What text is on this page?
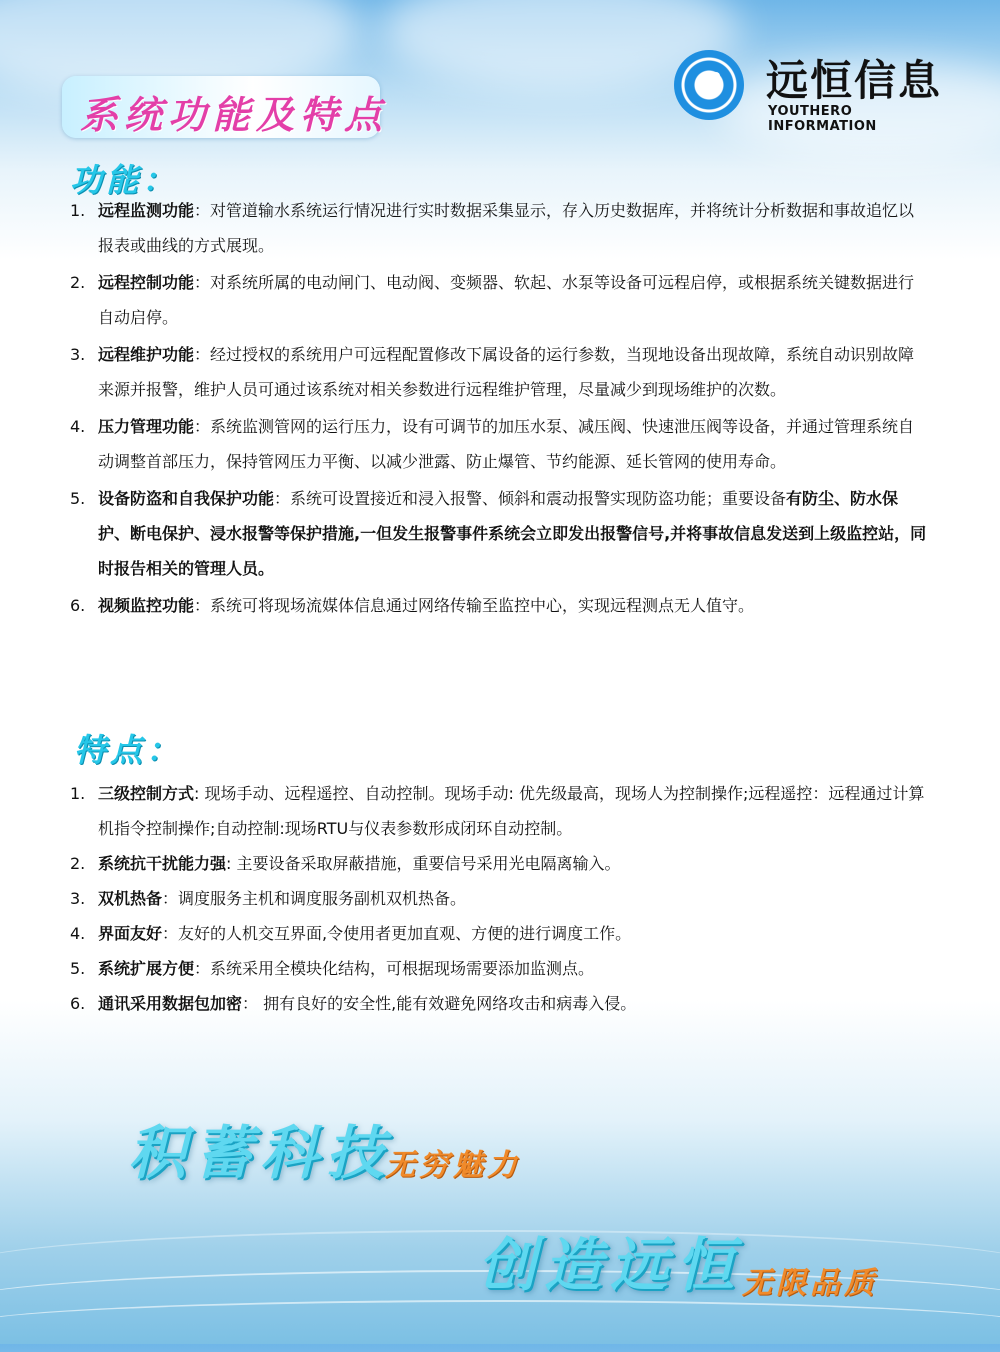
系统功能及特点
远恒信息
YOUTHERO INFORMATION
功能：
1. 远程监测功能：对管道输水系统运行情况进行实时数据采集显示，存入历史数据库，并将统计分析数据和事故追忆以报表或曲线的方式展现。
2. 远程控制功能：对系统所属的电动闸门、电动阀、变频器、软起、水泵等设备可远程启停，或根据系统关键数据进行自动启停。
3. 远程维护功能：经过授权的系统用户可远程配置修改下属设备的运行参数，当现地设备出现故障，系统自动识别故障来源并报警，维护人员可通过该系统对相关参数进行远程维护管理，尽量减少到现场维护的次数。
4. 压力管理功能：系统监测管网的运行压力，设有可调节的加压水泵、减压阀、快速泄压阀等设备，并通过管理系统自动调整首部压力，保持管网压力平衡、以减少泄露、防止爆管、节约能源、延长管网的使用寿命。
5. 设备防盗和自我保护功能：系统可设置接近和浸入报警、倾斜和震动报警实现防盗功能；重要设备有防尘、防水保护、断电保护、浸水报警等保护措施,一但发生报警事件系统会立即发出报警信号,并将事故信息发送到上级监控站，同时报告相关的管理人员。
6. 视频监控功能：系统可将现场流媒体信息通过网络传输至监控中心，实现远程测点无人值守。
特点：
1. 三级控制方式: 现场手动、远程遥控、自动控制。现场手动: 优先级最高，现场人为控制操作;远程遥控：远程通过计算机指令控制操作;自动控制:现场RTU与仪表参数形成闭环自动控制。
2. 系统抗干扰能力强: 主要设备采取屏蔽措施，重要信号采用光电隔离输入。
3. 双机热备：调度服务主机和调度服务副机双机热备。
4. 界面友好：友好的人机交互界面,令使用者更加直观、方便的进行调度工作。
5. 系统扩展方便：系统采用全模块化结构，可根据现场需要添加监测点。
6. 通讯采用数据包加密： 拥有良好的安全性,能有效避免网络攻击和病毒入侵。
积蓄科技
无穷魅力
创造远恒 无限品质
